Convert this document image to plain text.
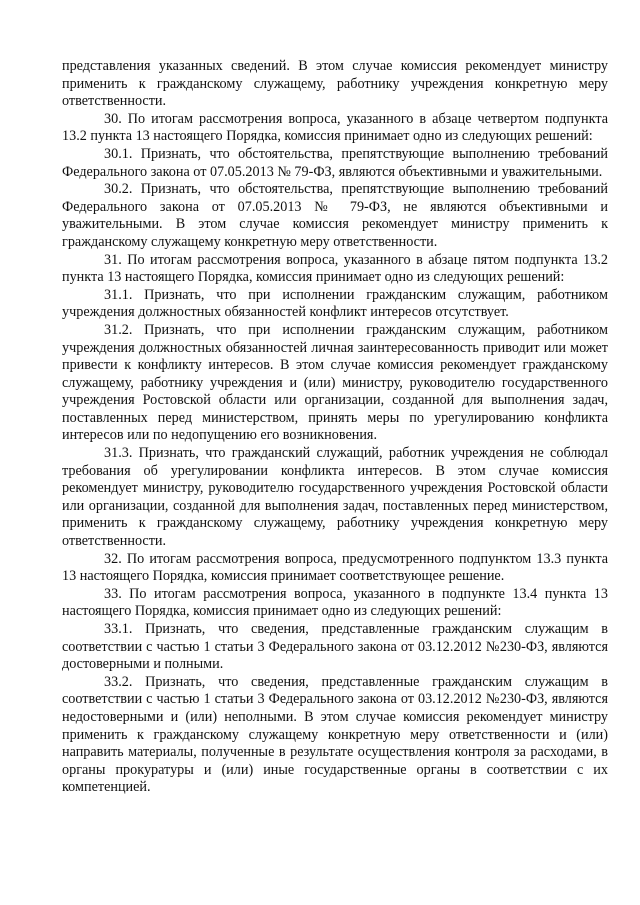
представления указанных сведений. В этом случае комиссия рекомендует министру применить к гражданскому служащему, работнику учреждения конкретную меру ответственности.

30. По итогам рассмотрения вопроса, указанного в абзаце четвертом подпункта 13.2 пункта 13 настоящего Порядка, комиссия принимает одно из следующих решений:

30.1. Признать, что обстоятельства, препятствующие выполнению требований Федерального закона от 07.05.2013 № 79-ФЗ, являются объективными и уважительными.

30.2. Признать, что обстоятельства, препятствующие выполнению требований Федерального закона от 07.05.2013 № 79-ФЗ, не являются объективными и уважительными. В этом случае комиссия рекомендует министру применить к гражданскому служащему конкретную меру ответственности.

31. По итогам рассмотрения вопроса, указанного в абзаце пятом подпункта 13.2 пункта 13 настоящего Порядка, комиссия принимает одно из следующих решений:

31.1. Признать, что при исполнении гражданским служащим, работником учреждения должностных обязанностей конфликт интересов отсутствует.

31.2. Признать, что при исполнении гражданским служащим, работником учреждения должностных обязанностей личная заинтересованность приводит или может привести к конфликту интересов. В этом случае комиссия рекомендует гражданскому служащему, работнику учреждения и (или) министру, руководителю государственного учреждения Ростовской области или организации, созданной для выполнения задач, поставленных перед министерством, принять меры по урегулированию конфликта интересов или по недопущению его возникновения.

31.3. Признать, что гражданский служащий, работник учреждения не соблюдал требования об урегулировании конфликта интересов. В этом случае комиссия рекомендует министру, руководителю государственного учреждения Ростовской области или организации, созданной для выполнения задач, поставленных перед министерством, применить к гражданскому служащему, работнику учреждения конкретную меру ответственности.

32. По итогам рассмотрения вопроса, предусмотренного подпунктом 13.3 пункта 13 настоящего Порядка, комиссия принимает соответствующее решение.

33. По итогам рассмотрения вопроса, указанного в подпункте 13.4 пункта 13 настоящего Порядка, комиссия принимает одно из следующих решений:

33.1. Признать, что сведения, представленные гражданским служащим в соответствии с частью 1 статьи 3 Федерального закона от 03.12.2012 №230-ФЗ, являются достоверными и полными.

33.2. Признать, что сведения, представленные гражданским служащим в соответствии с частью 1 статьи 3 Федерального закона от 03.12.2012 №230-ФЗ, являются недостоверными и (или) неполными. В этом случае комиссия рекомендует министру применить к гражданскому служащему конкретную меру ответственности и (или) направить материалы, полученные в результате осуществления контроля за расходами, в органы прокуратуры и (или) иные государственные органы в соответствии с их компетенцией.
